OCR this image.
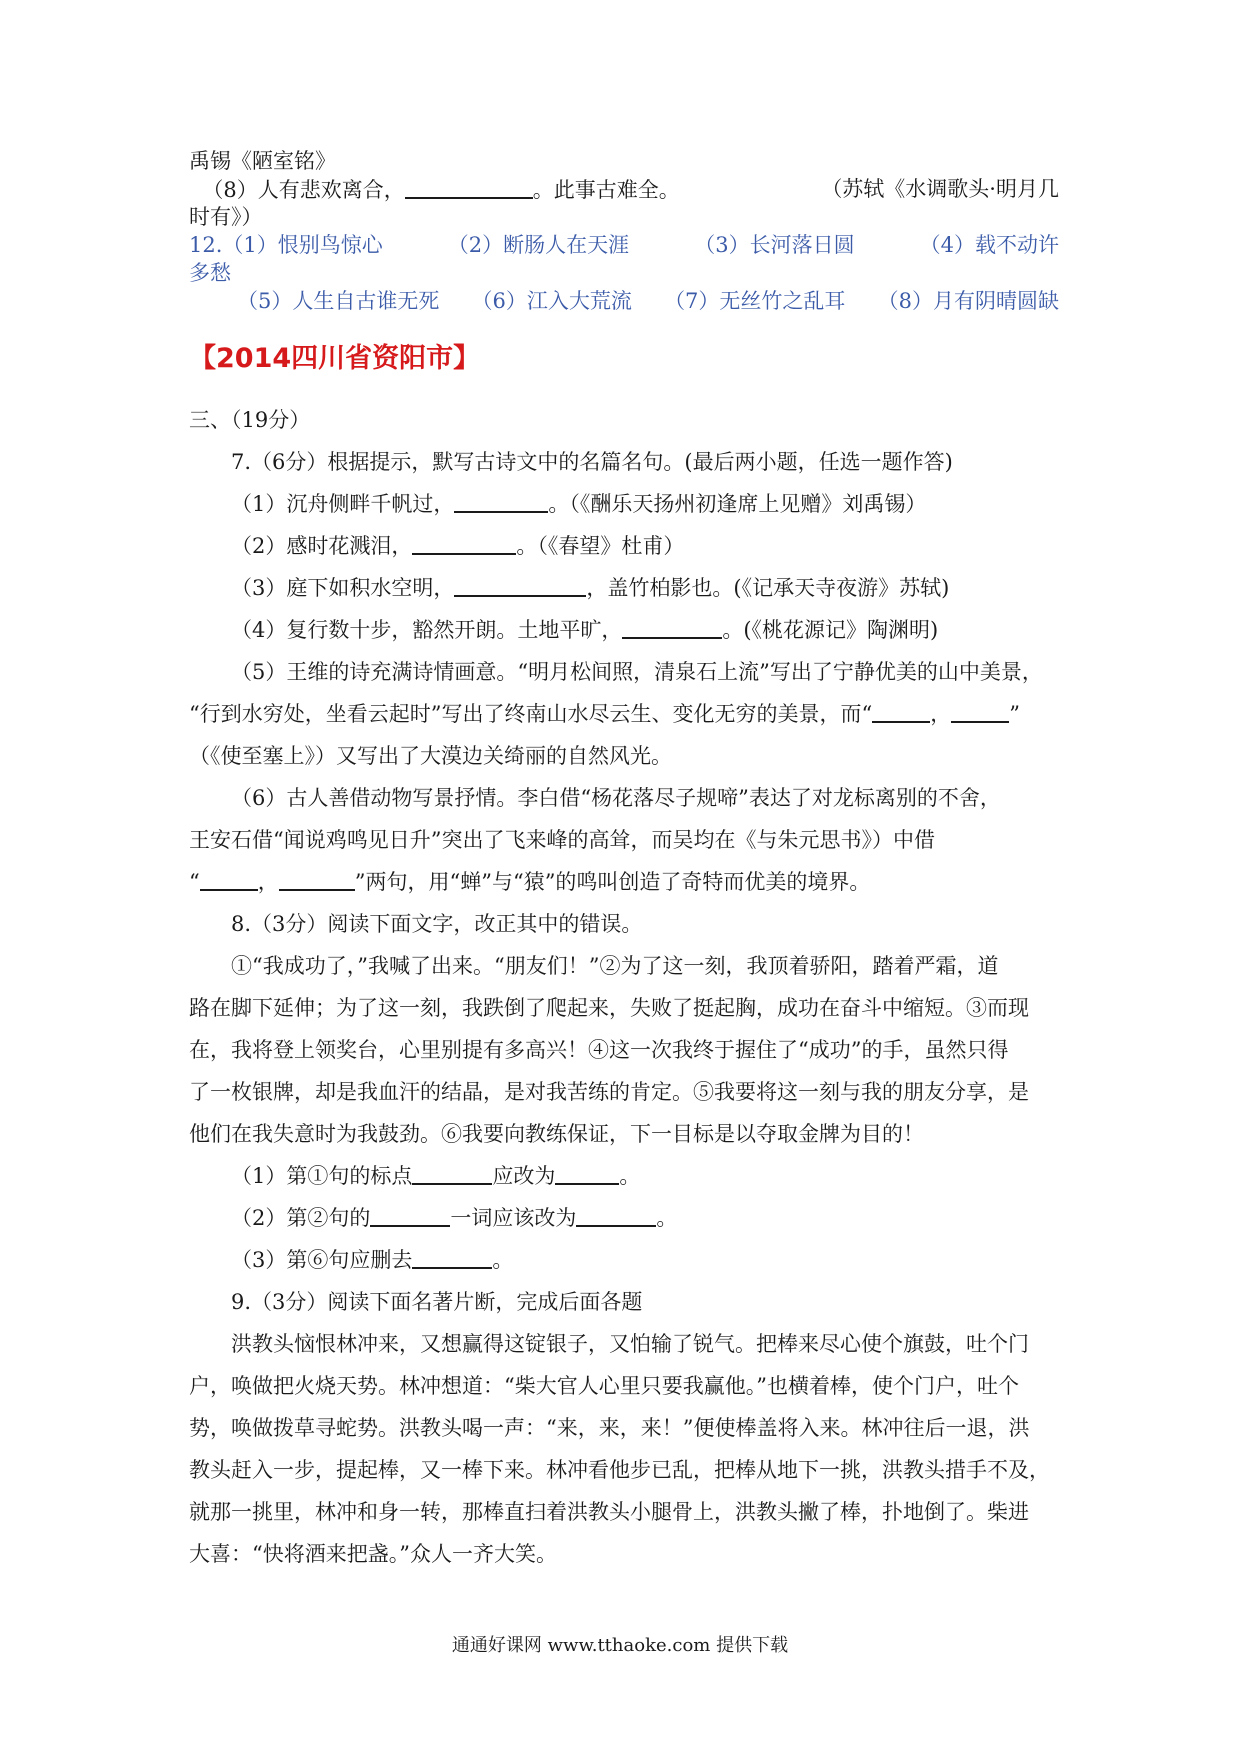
禹锡《陋室铭》
（8）人有悲欢离合，	。此事古难全。	（苏轼《水调歌头·明月几
时有》）
12.（1）恨别鸟惊心	（2）断肠人在天涯	（3）长河落日圆	（4）载不动许
多愁
（5）人生自古谁无死 （6）江入大荒流 （7）无丝竹之乱耳 （8）月有阴晴圆缺
【2014四川省资阳市】
三、（19分）
7.（6分）根据提示，默写古诗文中的名篇名句。(最后两小题，任选一题作答)
（1）沉舟侧畔千帆过，	。（《酬乐天扬州初逢席上见赠》刘禹锡）
（2）感时花溅泪，	。（《春望》杜甫）
（3）庭下如积水空明，	，盖竹柏影也。(《记承天寺夜游》苏轼)
（4）复行数十步，豁然开朗。土地平旷，	。(《桃花源记》陶渊明)
（5）王维的诗充满诗情画意。“明月松间照，清泉石上流”写出了宁静优美的山中美景，
“行到水穷处，坐看云起时”写出了终南山水尽云生、变化无穷的美景，而“	，	”
（《使至塞上》）又写出了大漠边关绮丽的自然风光。
（6）古人善借动物写景抒情。李白借“杨花落尽子规啼”表达了对龙标离别的不舍，
王安石借“闻说鸡鸣见日升”突出了飞来峰的高耸，而吴均在《与朱元思书》）中借
“	，	”两句，用“蝉”与“猿”的鸣叫创造了奇特而优美的境界。
8.（3分）阅读下面文字，改正其中的错误。
①“我成功了，”我喊了出来。“朋友们！”②为了这一刻，我顶着骄阳，踏着严霜，道
路在脚下延伸；为了这一刻，我跌倒了爬起来，失败了挺起胸，成功在奋斗中缩短。③而现
在，我将登上领奖台，心里别提有多高兴！④这一次我终于握住了“成功”的手，虽然只得
了一枚银牌，却是我血汗的结晶，是对我苦练的肯定。⑤我要将这一刻与我的朋友分享，是
他们在我失意时为我鼓劲。⑥我要向教练保证，下一目标是以夺取金牌为目的！
（1）第①句的标点	应改为	。
（2）第②句的	一词应该改为	。
（3）第⑥句应删去	。
9.（3分）阅读下面名著片断，完成后面各题
洪教头恼恨林冲来，又想赢得这锭银子，又怕输了锐气。把棒来尽心使个旗鼓，吐个门
户，唤做把火烧天势。林冲想道：“柴大官人心里只要我赢他。”也横着棒，使个门户，吐个
势，唤做拨草寻蛇势。洪教头喝一声：“来，来，来！”便使棒盖将入来。林冲往后一退，洪
教头赶入一步，提起棒，又一棒下来。林冲看他步已乱，把棒从地下一挑，洪教头措手不及，
就那一挑里，林冲和身一转，那棒直扫着洪教头小腿骨上，洪教头撇了棒，扑地倒了。柴进
大喜：“快将酒来把盏。”众人一齐大笑。
通通好课网 www.tthaoke.com 提供下载
